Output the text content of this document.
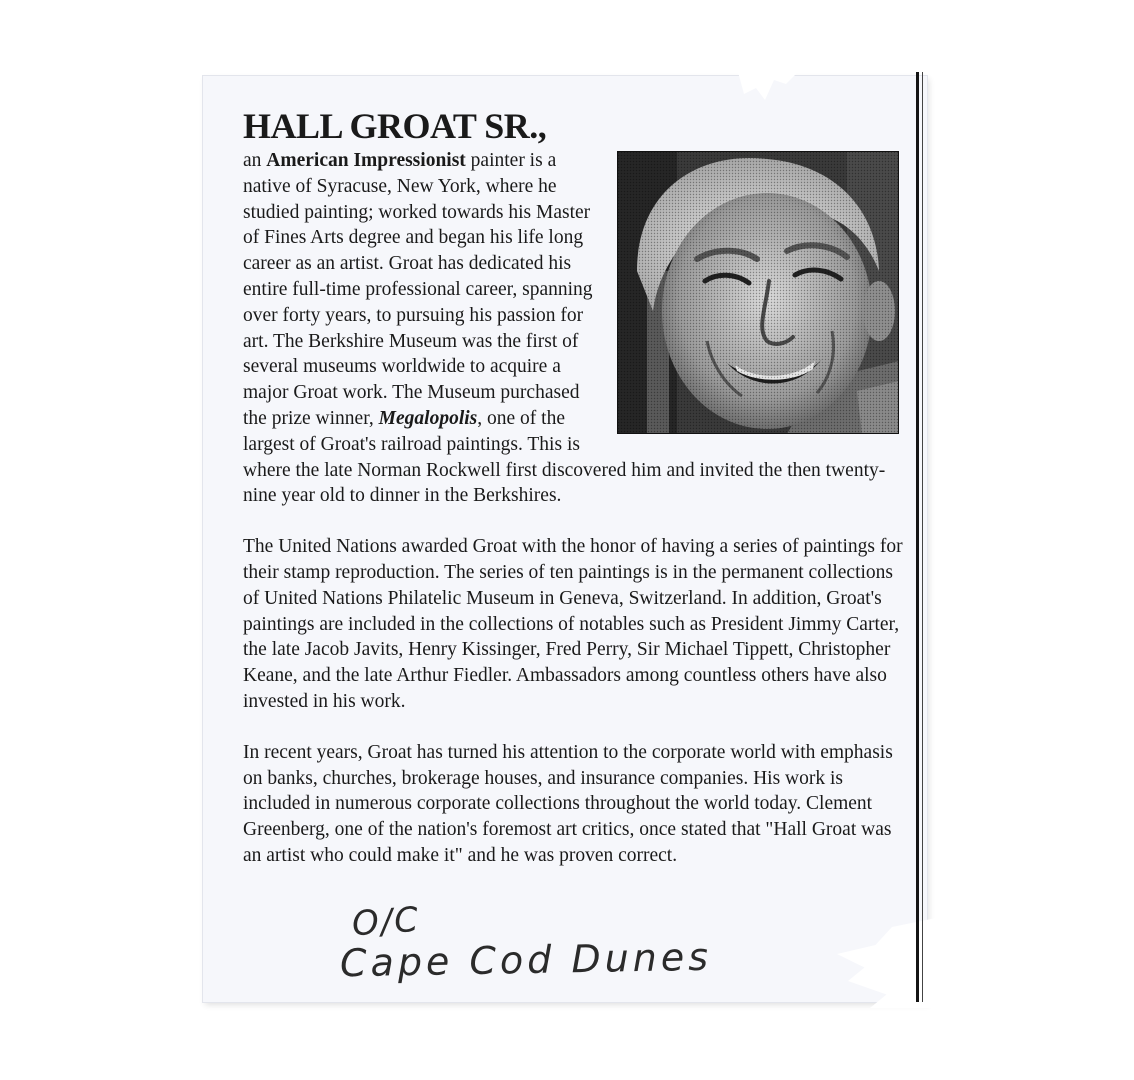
HALL GROAT SR.,

an American Impressionist painter is a native of Syracuse, New York, where he studied painting; worked towards his Master of Fines Arts degree and began his life long career as an artist. Groat has dedicated his entire full-time professional career, spanning over forty years, to pursuing his passion for art. The Berkshire Museum was the first of several museums worldwide to acquire a major Groat work. The Museum purchased the prize winner, Megalopolis, one of the largest of Groat's railroad paintings. This is where the late Norman Rockwell first discovered him and invited the then twenty-nine year old to dinner in the Berkshires.

The United Nations awarded Groat with the honor of having a series of paintings for their stamp reproduction. The series of ten paintings is in the permanent collections of United Nations Philatelic Museum in Geneva, Switzerland. In addition, Groat's paintings are included in the collections of notables such as President Jimmy Carter, the late Jacob Javits, Henry Kissinger, Fred Perry, Sir Michael Tippett, Christopher Keane, and the late Arthur Fiedler. Ambassadors among countless others have also invested in his work.

In recent years, Groat has turned his attention to the corporate world with emphasis on banks, churches, brokerage houses, and insurance companies. His work is included in numerous corporate collections throughout the world today. Clement Greenberg, one of the nation's foremost art critics, once stated that "Hall Groat was an artist who could make it" and he was proven correct.

O/C
Cape Cod Dunes
